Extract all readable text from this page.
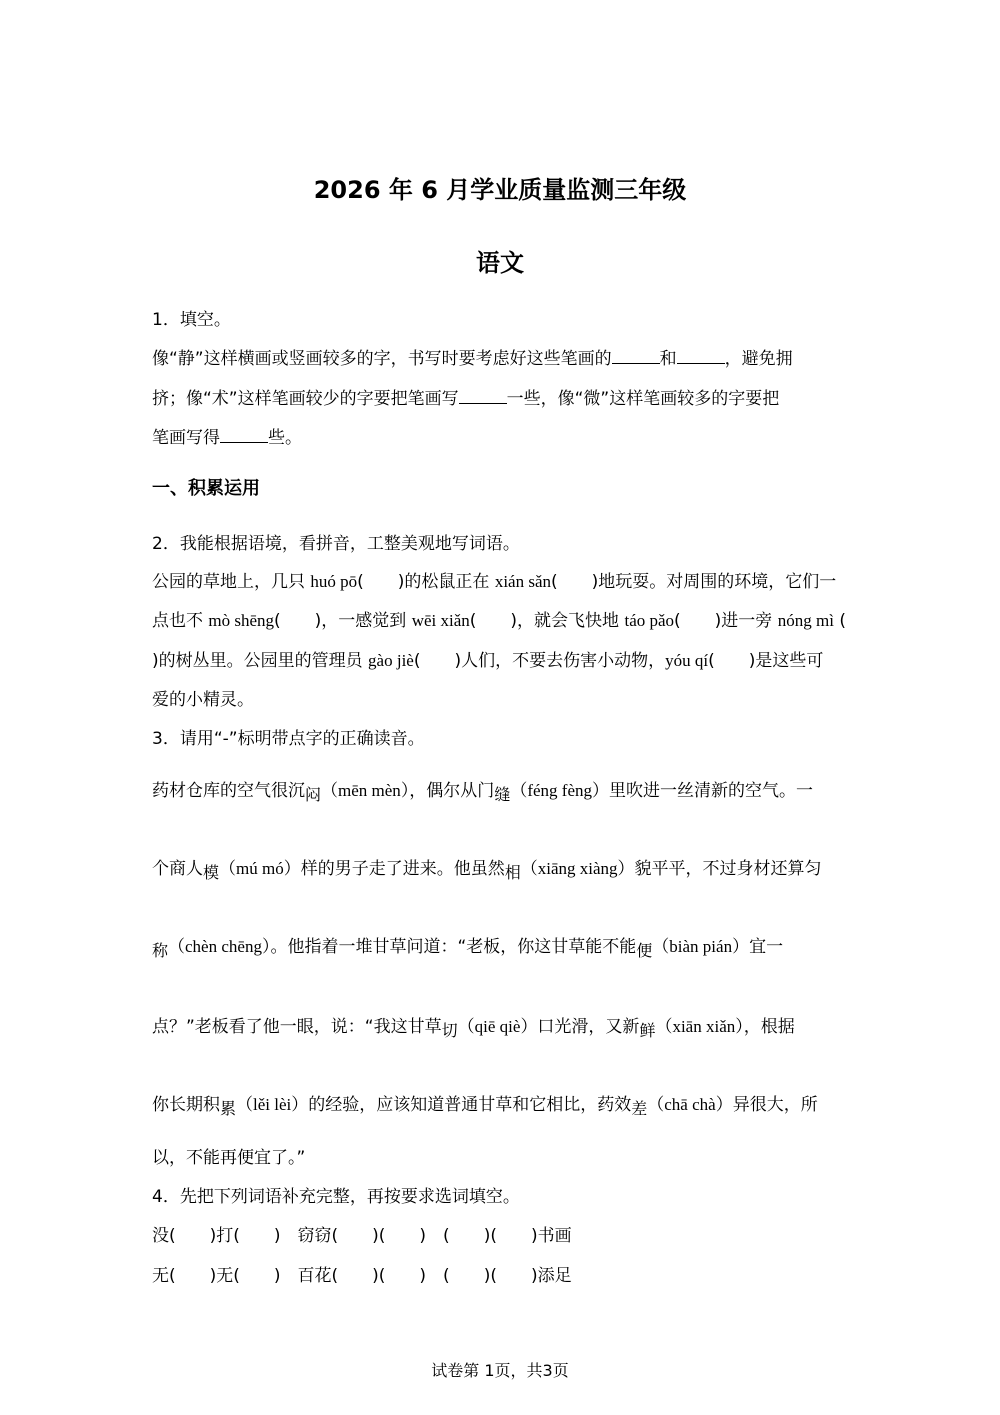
2026 年 6 月学业质量监测三年级
语文
1．填空。
像“静”这样横画或竖画较多的字，书写时要考虑好这些笔画的	和	，避免拥
挤；像“术”这样笔画较少的字要把笔画写	一些，像“微”这样笔画较多的字要把
笔画写得	些。
一、积累运用
2．我能根据语境，看拼音，工整美观地写词语。
公园的草地上，几只 huó pō(　　)的松鼠正在 xián sǎn(　　)地玩耍。对周围的环境，它们一
点也不 mò shēng(　　)，一感觉到 wēi xiǎn(　　)，就会飞快地 táo pǎo(　　)进一旁 nóng mì (
)的树丛里。公园里的管理员 gào jiè(　　)人们，不要去伤害小动物，yóu qí(　　)是这些可
爱的小精灵。
3．请用“-”标明带点字的正确读音。
药材仓库的空气很沉闷（mēn mèn），偶尔从门缝（féng fèng）里吹进一丝清新的空气。一
个商人模（mú mó）样的男子走了进来。他虽然相（xiāng xiàng）貌平平，不过身材还算匀
称（chèn chēng）。他指着一堆甘草问道：“老板，你这甘草能不能便（biàn pián）宜一
点？”老板看了他一眼，说：“我这甘草切（qiē qiè）口光滑，又新鲜（xiān xiǎn），根据
你长期积累（lěi lèi）的经验，应该知道普通甘草和它相比，药效差（chā chà）异很大，所
以，不能再便宜了。”
4．先把下列词语补充完整，再按要求选词填空。
没(　　)打(　　)　窃窃(　　)(　　)　(　　)(　　)书画
无(　　)无(　　)　百花(　　)(　　)　(　　)(　　)添足
试卷第 1页，共3页
